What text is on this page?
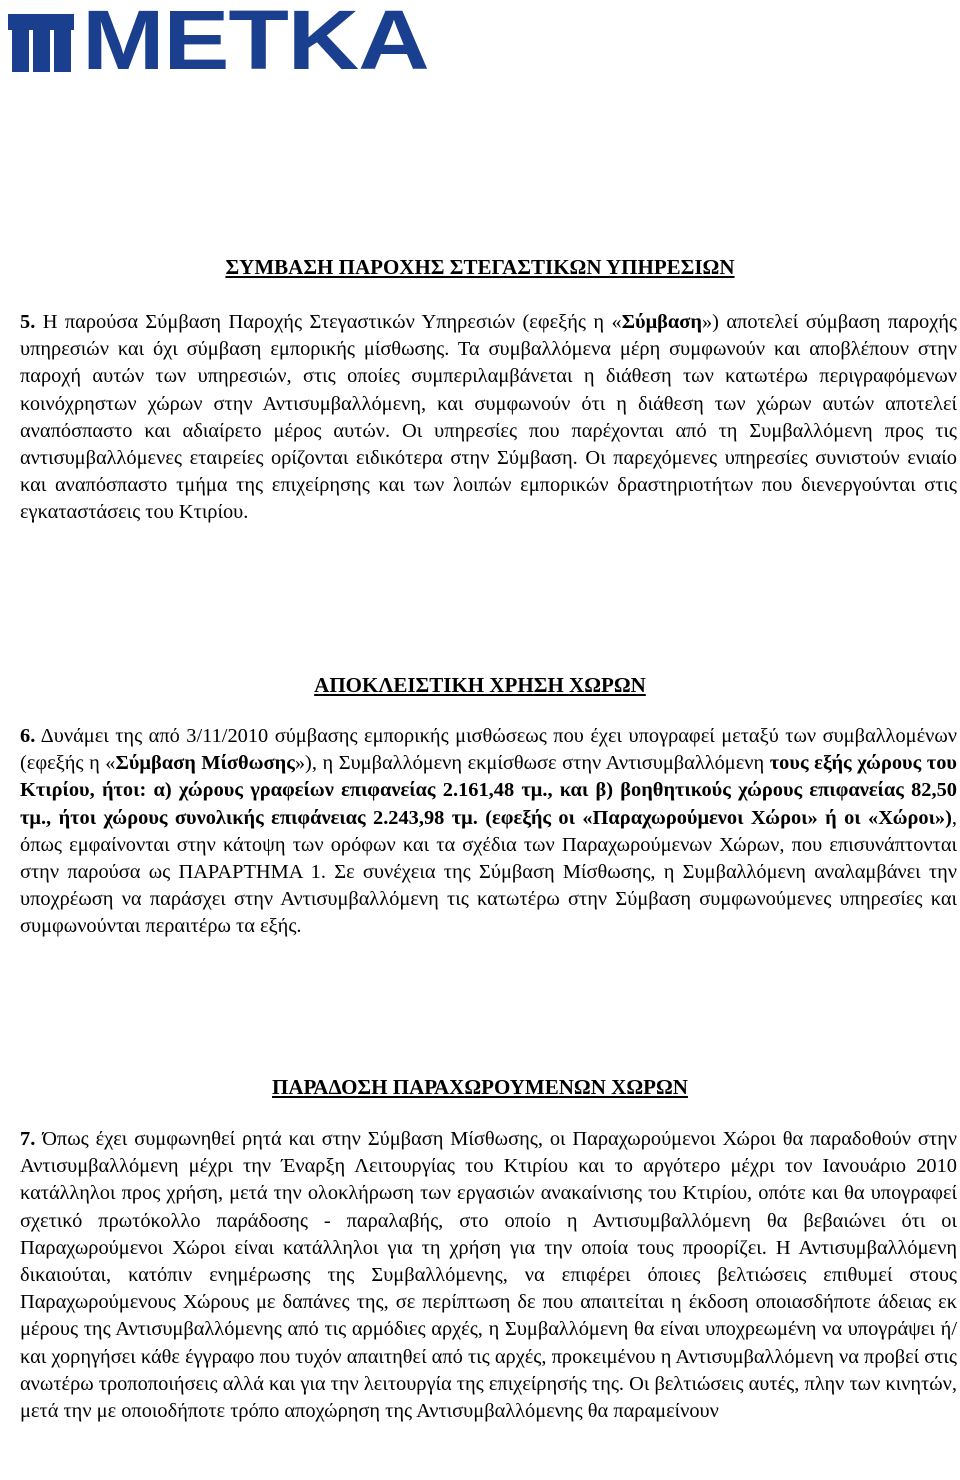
METKA
ΣΥΜΒΑΣΗ ΠΑΡΟΧΗΣ ΣΤΕΓΑΣΤΙΚΩΝ ΥΠΗΡΕΣΙΩΝ

5. Η παρούσα Σύμβαση Παροχής Στεγαστικών Υπηρεσιών (εφεξής η «Σύμβαση») αποτελεί σύμβαση παροχής υπηρεσιών και όχι σύμβαση εμπορικής μίσθωσης. Τα συμβαλλόμενα μέρη συμφωνούν και αποβλέπουν στην παροχή αυτών των υπηρεσιών, στις οποίες συμπεριλαμβάνεται η διάθεση των κατωτέρω περιγραφόμενων κοινόχρηστων χώρων στην Αντισυμβαλλόμενη, και συμφωνούν ότι η διάθεση των χώρων αυτών αποτελεί αναπόσπαστο και αδιαίρετο μέρος αυτών. Οι υπηρεσίες που παρέχονται από τη Συμβαλλόμενη προς τις αντισυμβαλλόμενες εταιρείες ορίζονται ειδικότερα στην Σύμβαση. Οι παρεχόμενες υπηρεσίες συνιστούν ενιαίο και αναπόσπαστο τμήμα της επιχείρησης και των λοιπών εμπορικών δραστηριοτήτων που διενεργούνται στις εγκαταστάσεις του Κτιρίου.

ΑΠΟΚΛΕΙΣΤΙΚΗ ΧΡΗΣΗ ΧΩΡΩΝ

6. Δυνάμει της από 3/11/2010 σύμβασης εμπορικής μισθώσεως που έχει υπογραφεί μεταξύ των συμβαλλομένων (εφεξής η «Σύμβαση Μίσθωσης»), η Συμβαλλόμενη εκμίσθωσε στην Αντισυμβαλλόμενη τους εξής χώρους του Κτιρίου, ήτοι: α) χώρους γραφείων επιφανείας 2.161,48 τμ., και β) βοηθητικούς χώρους επιφανείας 82,50 τμ., ήτοι χώρους συνολικής επιφάνειας 2.243,98 τμ. (εφεξής οι «Παραχωρούμενοι Χώροι» ή οι «Χώροι»), όπως εμφαίνονται στην κάτοψη των ορόφων και τα σχέδια των Παραχωρούμενων Χώρων, που επισυνάπτονται στην παρούσα ως ΠΑΡΑΡΤΗΜΑ 1. Σε συνέχεια της Σύμβαση Μίσθωσης, η Συμβαλλόμενη αναλαμβάνει την υποχρέωση να παράσχει στην Αντισυμβαλλόμενη τις κατωτέρω στην Σύμβαση συμφωνούμενες υπηρεσίες και συμφωνούνται περαιτέρω τα εξής.

ΠΑΡΑΔΟΣΗ ΠΑΡΑΧΩΡΟΥΜΕΝΩΝ ΧΩΡΩΝ

7. Όπως έχει συμφωνηθεί ρητά και στην Σύμβαση Μίσθωσης, οι Παραχωρούμενοι Χώροι θα παραδοθούν στην Αντισυμβαλλόμενη μέχρι την Έναρξη Λειτουργίας του Κτιρίου και το αργότερο μέχρι τον Ιανουάριο 2010 κατάλληλοι προς χρήση, μετά την ολοκλήρωση των εργασιών ανακαίνισης του Κτιρίου, οπότε και θα υπογραφεί σχετικό πρωτόκολλο παράδοσης - παραλαβής, στο οποίο η Αντισυμβαλλόμενη θα βεβαιώνει ότι οι Παραχωρούμενοι Χώροι είναι κατάλληλοι για τη χρήση για την οποία τους προορίζει. Η Αντισυμβαλλόμενη δικαιούται, κατόπιν ενημέρωσης της Συμβαλλόμενης, να επιφέρει όποιες βελτιώσεις επιθυμεί στους Παραχωρούμενους Χώρους με δαπάνες της, σε περίπτωση δε που απαιτείται η έκδοση οποιασδήποτε άδειας εκ μέρους της Αντισυμβαλλόμενης από τις αρμόδιες αρχές, η Συμβαλλόμενη θα είναι υποχρεωμένη να υπογράψει ή/και χορηγήσει κάθε έγγραφο που τυχόν απαιτηθεί από τις αρχές, προκειμένου η Αντισυμβαλλόμενη να προβεί στις ανωτέρω τροποποιήσεις αλλά και για την λειτουργία της επιχείρησής της. Οι βελτιώσεις αυτές, πλην των κινητών, μετά την με οποιοδήποτε τρόπο αποχώρηση της Αντισυμβαλλόμενης θα παραμείνουν
